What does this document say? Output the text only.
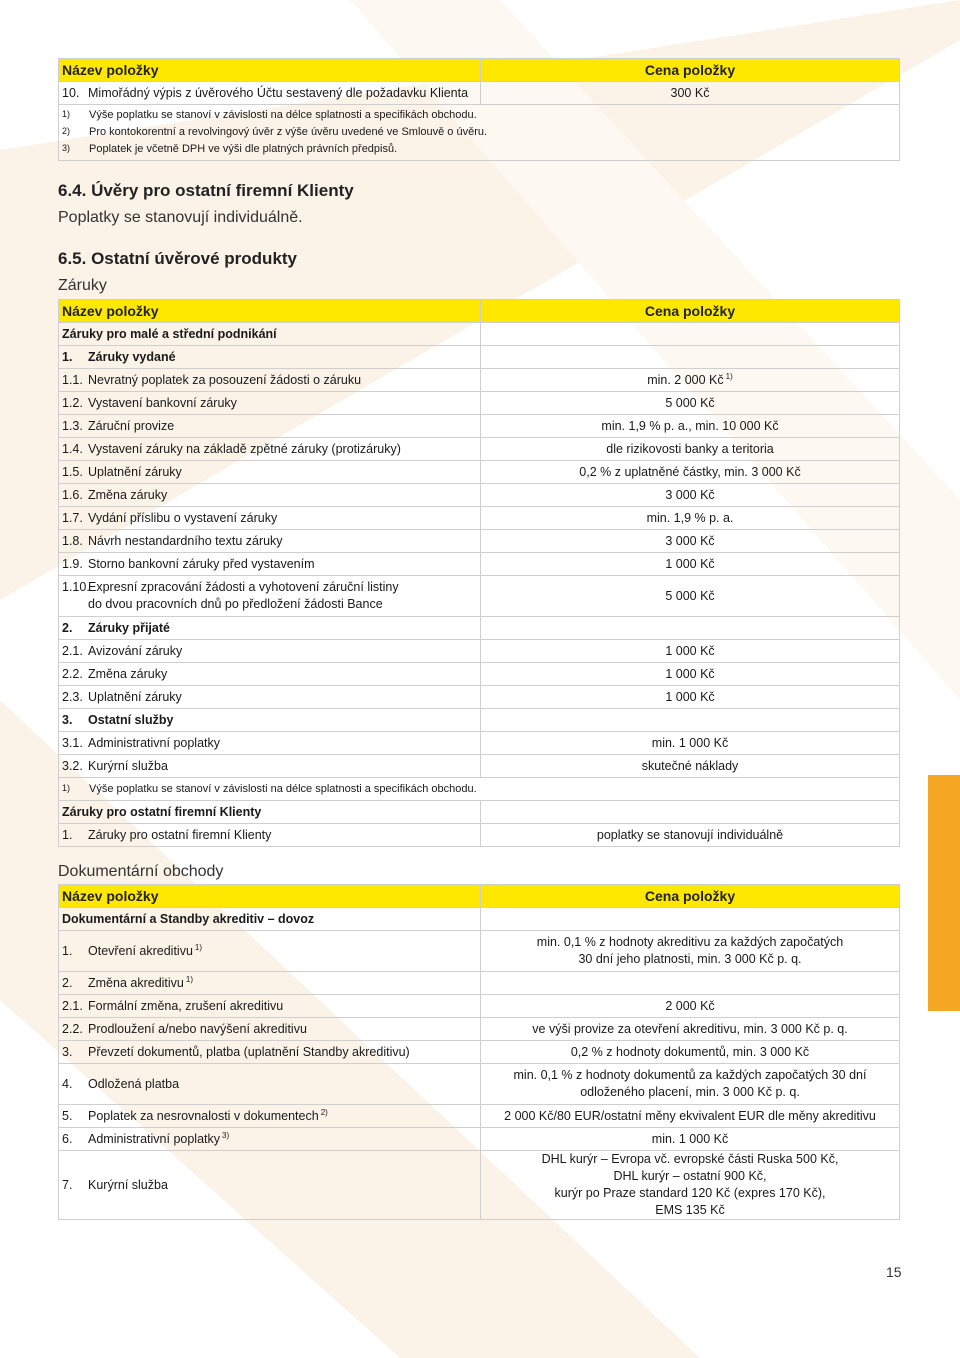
Název položky	Cena položky
10. Mimořádný výpis z úvěrového Účtu sestavený dle požadavku Klienta	300 Kč

1) Výše poplatku se stanoví v závislosti na délce splatnosti a specifikách obchodu.
2) Pro kontokorentní a revolvingový úvěr z výše úvěru uvedené ve Smlouvě o úvěru.
3) Poplatek je včetně DPH ve výši dle platných právních předpisů.	

6.4. Úvěry pro ostatní firemní Klienty

Poplatky se stanovují individuálně.

6.5. Ostatní úvěrové produkty

Záruky

Název položky	Cena položky
Záruky pro malé a střední podnikání	
1. Záruky vydané	
1.1. Nevratný poplatek za posouzení žádosti o záruku	min. 2 000 Kč $^{1)}$
1.2. Vystavení bankovní záruky	5 000 Kč
1.3. Záruční provize	min. 1,9 % p. a., min. 10 000 Kč
1.4. Vystavení záruky na základě zpětné záruky (protizáruky)	dle rizikovosti banky a teritoria
1.5. Uplatnění záruky	0,2 % z uplatněné částky, min. 3 000 Kč
1.6. Změna záruky	3 000 Kč
1.7. Vydání příslibu o vystavení záruky	min. 1,9 % p. a.
1.8. Návrh nestandardního textu záruky	3 000 Kč
1.9. Storno bankovní záruky před vystavením	1 000 Kč

1.10.Expresní zpracování žádosti a vyhotovení záruční listiny
do dvou pracovních dnů po předložení žádosti Bance	5 000 Kč
2. Záruky přijaté	
2.1. Avizování záruky	1 000 Kč
2.2. Změna záruky	1 000 Kč
2.3. Uplatnění záruky	1 000 Kč
3. Ostatní služby	
3.1. Administrativní poplatky	min. 1 000 Kč
3.2. Kurýrní služba	skutečné náklady
1) Výše poplatku se stanoví v závislosti na délce splatnosti a specifikách obchodu.	
Záruky pro ostatní firemní Klienty	
1. Záruky pro ostatní firemní Klienty	poplatky se stanovují individuálně

Dokumentární obchody

Název položky	Cena položky
Dokumentární a Standby akreditiv – dovoz	
1. Otevření akreditivu $^{1)}$	min. 0,1 % z hodnoty akreditivu za každých započatých
30 dní jeho platnosti, min. 3 000 Kč p. q.

2. Změna akreditivu $^{1)}$	
2.1. Formální změna, zrušení akreditivu	2 000 Kč
2.2. Prodloužení a/nebo navýšení akreditivu	ve výši provize za otevření akreditivu, min. 3 000 Kč p. q.
3. Převzetí dokumentů, platba (uplatnění Standby akreditivu)	0,2 % z hodnoty dokumentů, min. 3 000 Kč
4. Odložená platba	min. 0,1 % z hodnoty dokumentů za každých započatých 30 dní
odloženého placení, min. 3 000 Kč p. q.

5. Poplatek za nesrovnalosti v dokumentech $^{2)}$	2 000 Kč/80 EUR/ostatní měny ekvivalent EUR dle měny akreditivu
6. Administrativní poplatky $^{3)}$	min. 1 000 Kč
7. Kurýrní služba	DHL kurýr – Evropa vč. evropské části Ruska 500 Kč,
DHL kurýr – ostatní 900 Kč,
kurýr po Praze standard 120 Kč (expres 170 Kč),
EMS 135 Kč
15
